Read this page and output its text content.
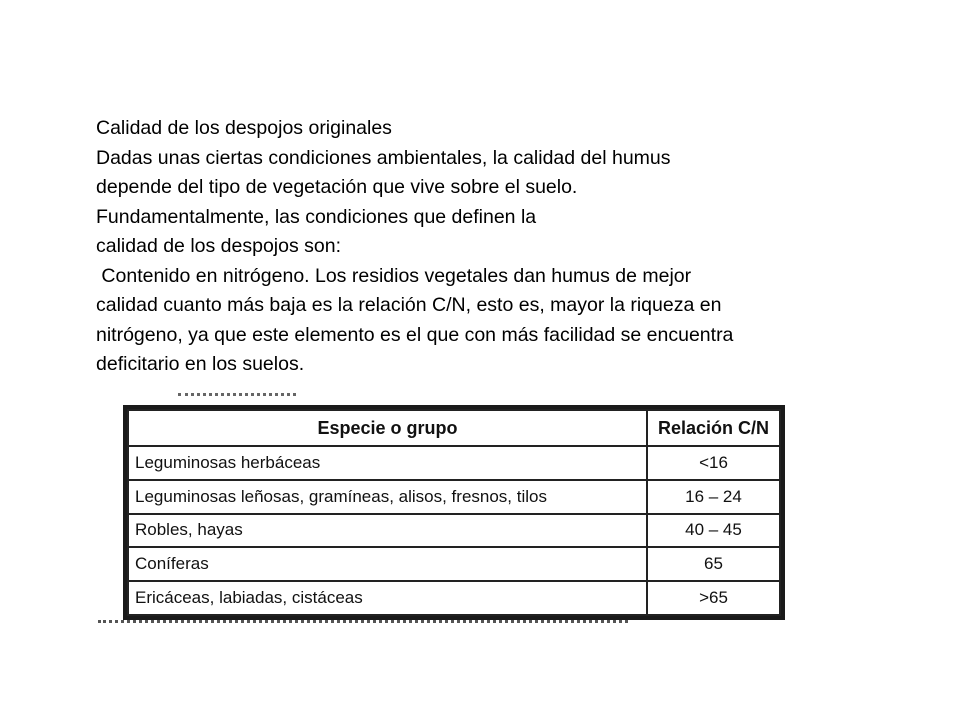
Calidad de los despojos originales
Dadas unas ciertas condiciones ambientales, la calidad del humus
depende del tipo de vegetación que vive sobre el suelo.
Fundamentalmente, las condiciones que definen la
calidad de los despojos son:
Contenido en nitrógeno. Los residios vegetales dan humus de mejor
calidad cuanto más baja es la relación C/N, esto es, mayor la riqueza en
nitrógeno, ya que este elemento es el que con más facilidad se encuentra
deficitario en los suelos.
Especie o grupo	Relación C/N
Leguminosas herbáceas	<16
Leguminosas leñosas, gramíneas, alisos, fresnos, tilos	16 – 24
Robles, hayas	40 – 45
Coníferas	65
Ericáceas, labiadas, cistáceas	>65
